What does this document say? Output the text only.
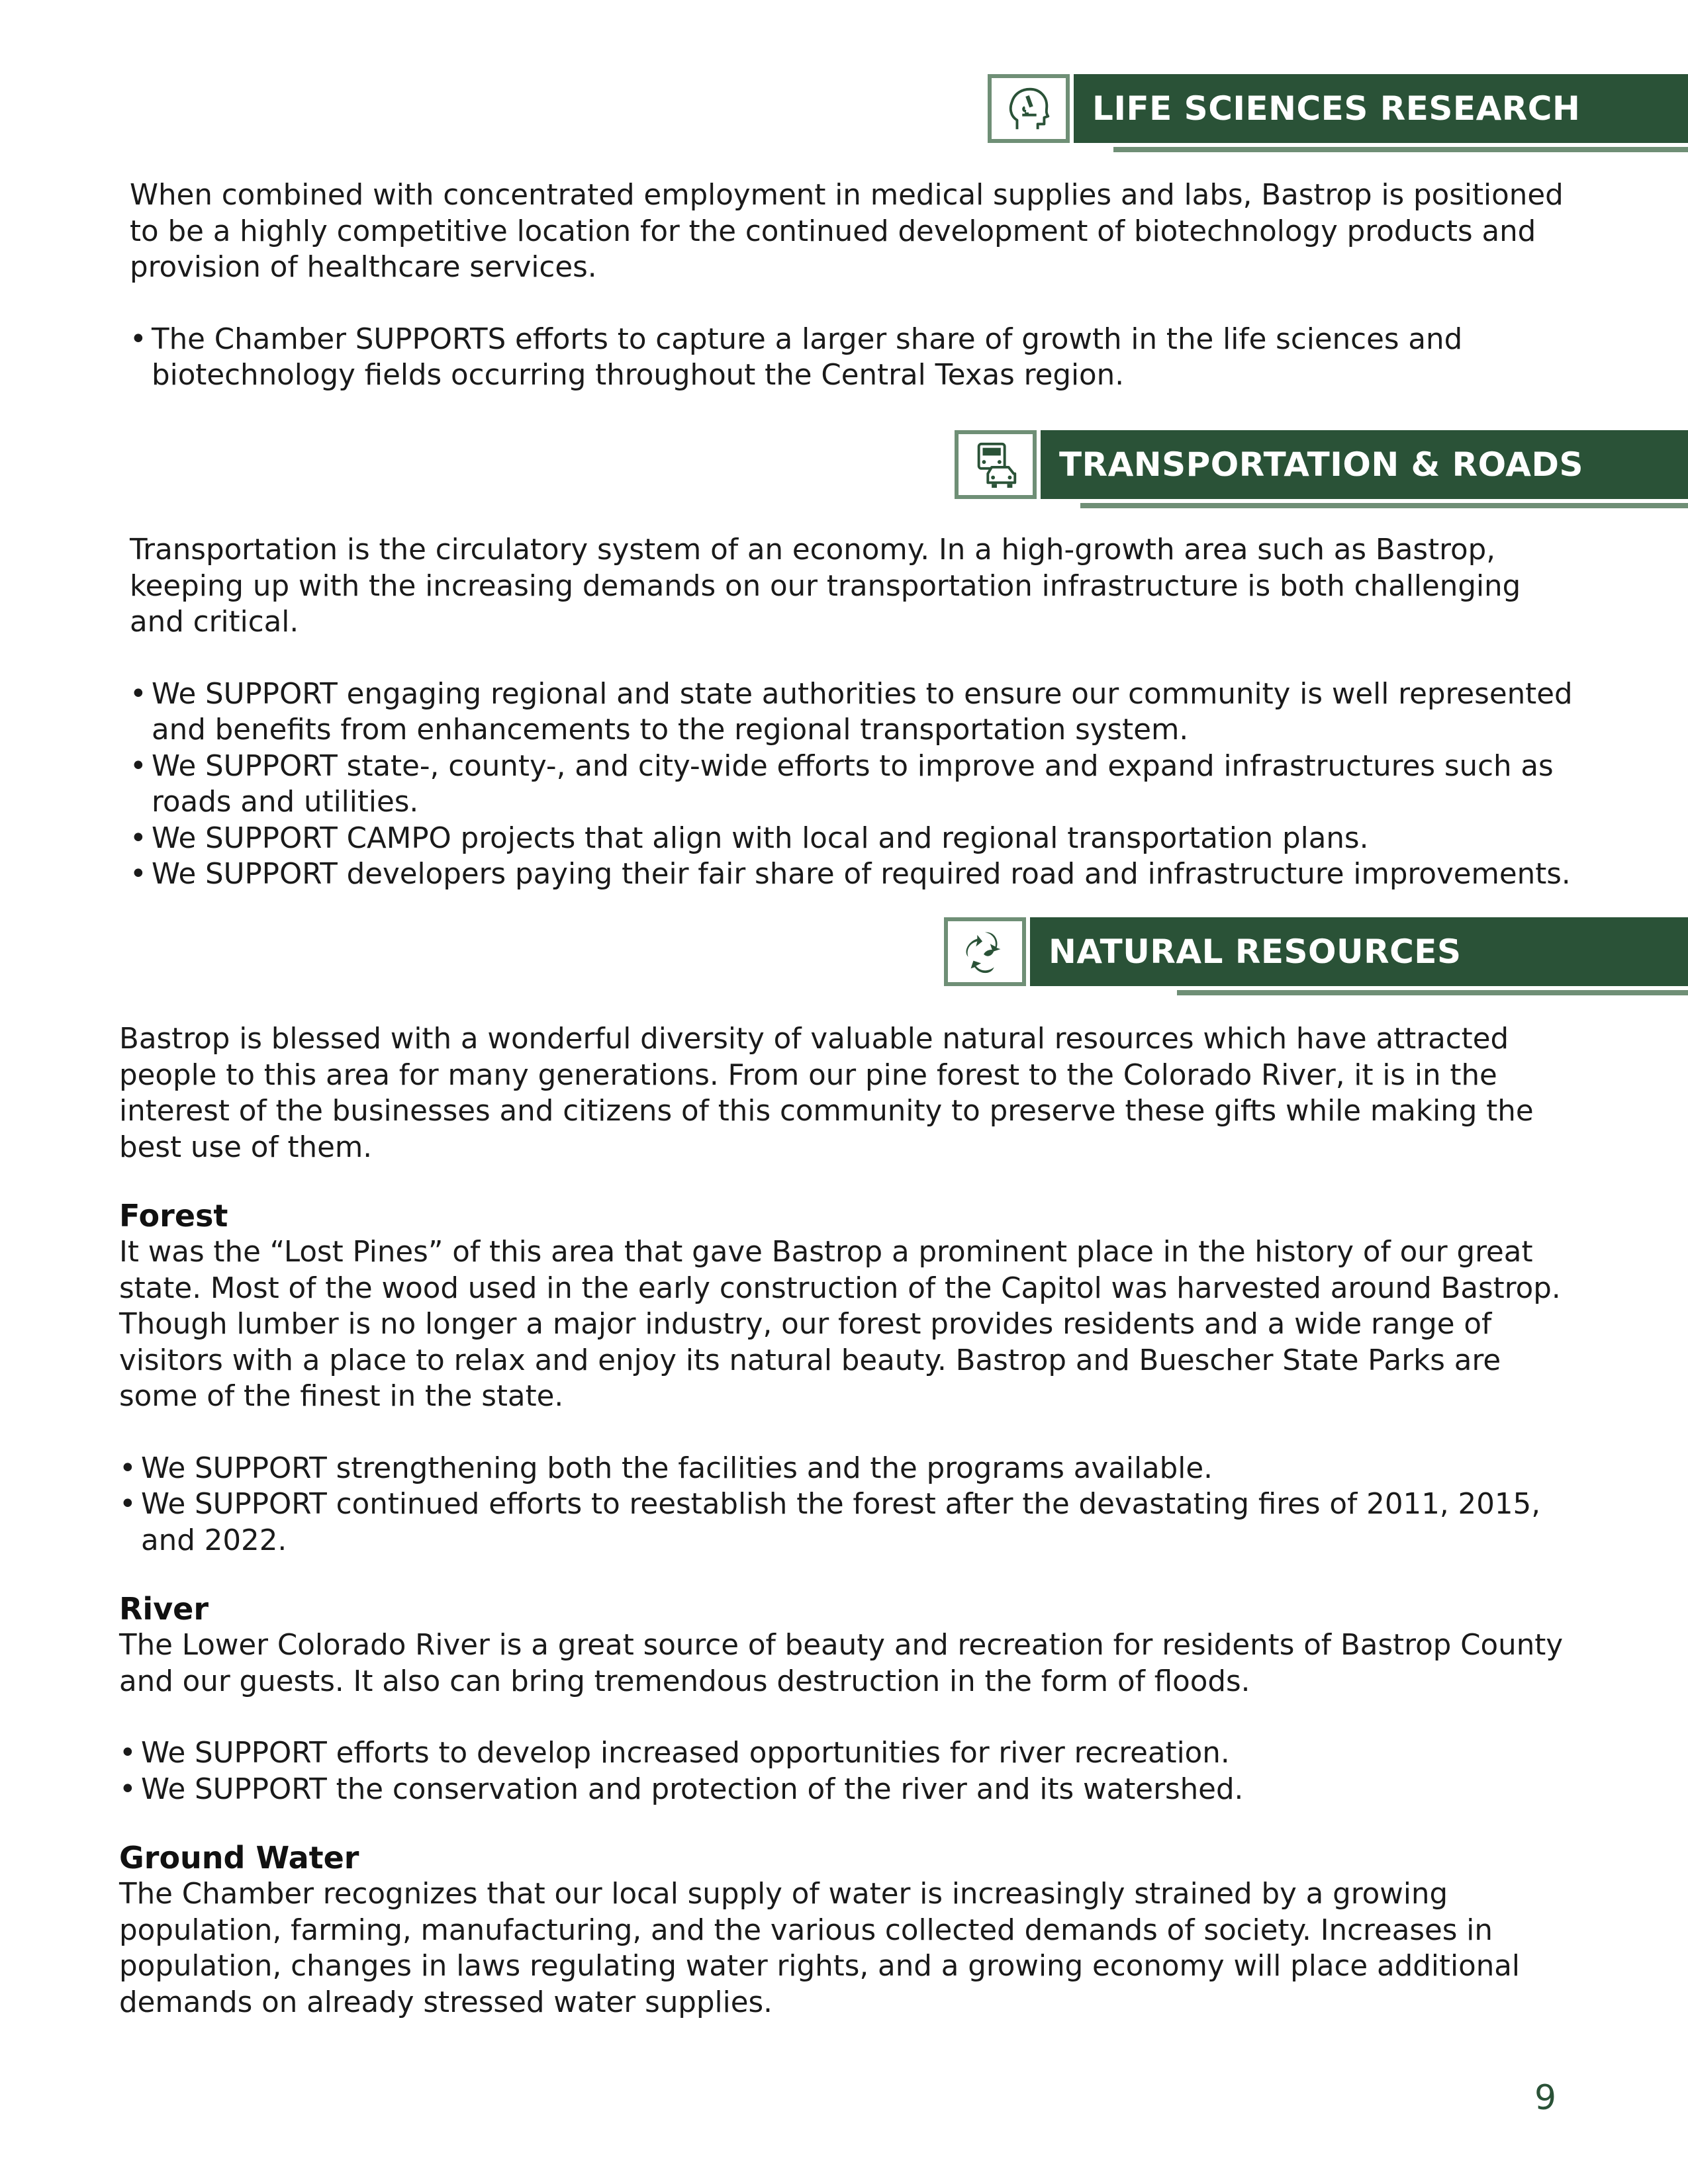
LIFE SCIENCES RESEARCH

When combined with concentrated employment in medical supplies and labs, Bastrop is positioned to be a highly competitive location for the continued development of biotechnology products and provision of healthcare services.

• The Chamber SUPPORTS efforts to capture a larger share of growth in the life sciences and biotechnology fields occurring throughout the Central Texas region.
TRANSPORTATION & ROADS

Transportation is the circulatory system of an economy. In a high-growth area such as Bastrop, keeping up with the increasing demands on our transportation infrastructure is both challenging and critical.

• We SUPPORT engaging regional and state authorities to ensure our community is well represented and benefits from enhancements to the regional transportation system.
• We SUPPORT state-, county-, and city-wide efforts to improve and expand infrastructures such as roads and utilities.
• We SUPPORT CAMPO projects that align with local and regional transportation plans.
• We SUPPORT developers paying their fair share of required road and infrastructure improvements.
NATURAL RESOURCES

Bastrop is blessed with a wonderful diversity of valuable natural resources which have attracted people to this area for many generations. From our pine forest to the Colorado River, it is in the interest of the businesses and citizens of this community to preserve these gifts while making the best use of them.

Forest

It was the “Lost Pines” of this area that gave Bastrop a prominent place in the history of our great state. Most of the wood used in the early construction of the Capitol was harvested around Bastrop. Though lumber is no longer a major industry, our forest provides residents and a wide range of visitors with a place to relax and enjoy its natural beauty. Bastrop and Buescher State Parks are some of the finest in the state.

• We SUPPORT strengthening both the facilities and the programs available.
• We SUPPORT continued efforts to reestablish the forest after the devastating fires of 2011, 2015, and 2022.

River

The Lower Colorado River is a great source of beauty and recreation for residents of Bastrop County and our guests. It also can bring tremendous destruction in the form of floods.

• We SUPPORT efforts to develop increased opportunities for river recreation.
• We SUPPORT the conservation and protection of the river and its watershed.

Ground Water

The Chamber recognizes that our local supply of water is increasingly strained by a growing population, farming, manufacturing, and the various collected demands of society. Increases in population, changes in laws regulating water rights, and a growing economy will place additional demands on already stressed water supplies.

9
